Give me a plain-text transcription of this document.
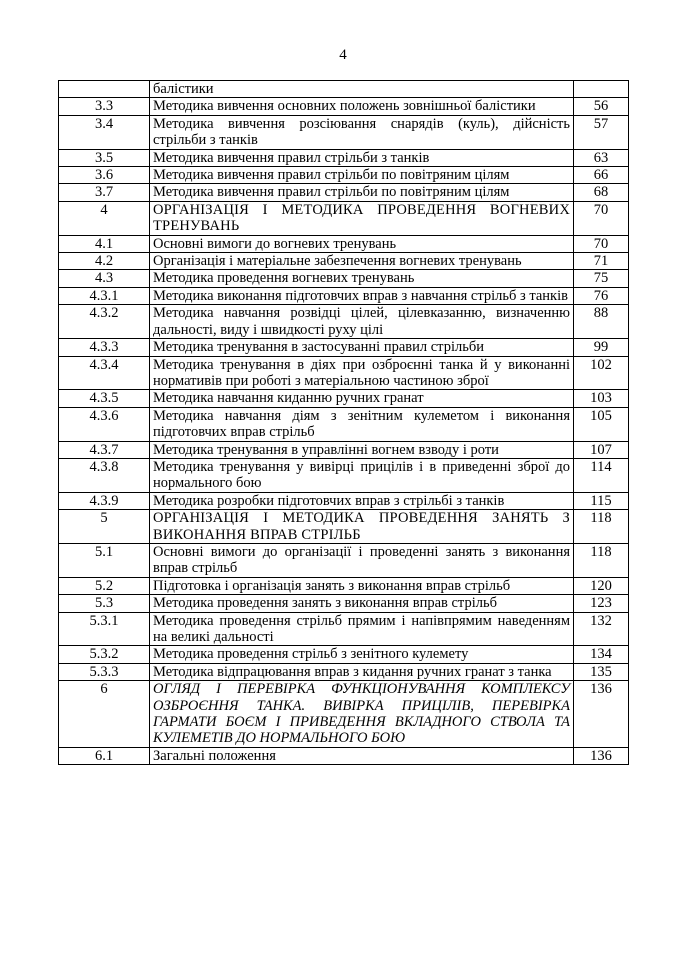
4
	балістики	
3.3	Методика вивчення основних положень зовнішньої балістики	56
3.4	Методика вивчення розсіювання снарядів (куль), дійсність стрільби з танків	57
3.5	Методика вивчення правил стрільби з танків	63
3.6	Методика вивчення правил стрільби по повітряним цілям	66
3.7	Методика вивчення правил стрільби по повітряним цілям	68
4	ОРГАНІЗАЦІЯ І МЕТОДИКА ПРОВЕДЕННЯ ВОГНЕВИХ ТРЕНУВАНЬ	70
4.1	Основні вимоги до вогневих тренувань	70
4.2	Організація і матеріальне забезпечення вогневих тренувань	71
4.3	Методика проведення вогневих тренувань	75
4.3.1	Методика виконання підготовчих вправ з навчання стрільб з танків	76
4.3.2	Методика навчання розвідці цілей, цілевказанню, визначенню дальності, виду і швидкості руху цілі	88
4.3.3	Методика тренування в застосуванні правил стрільби	99
4.3.4	Методика тренування в діях при озброєнні танка й у виконанні нормативів при роботі з матеріальною частиною зброї	102
4.3.5	Методика навчання киданню ручних гранат	103
4.3.6	Методика навчання діям з зенітним кулеметом і виконання підготовчих вправ стрільб	105
4.3.7	Методика тренування в управлінні вогнем взводу і роти	107
4.3.8	Методика тренування у вивірці прицілів і в приведенні зброї до нормального бою	114
4.3.9	Методика розробки підготовчих вправ з стрільбі з танків	115
5	ОРГАНІЗАЦІЯ І МЕТОДИКА ПРОВЕДЕННЯ ЗАНЯТЬ З ВИКОНАННЯ ВПРАВ СТРІЛЬБ	118
5.1	Основні вимоги до організації і проведенні занять з виконання вправ стрільб	118
5.2	Підготовка і організація занять з виконання вправ стрільб	120
5.3	Методика проведення занять з виконання вправ стрільб	123
5.3.1	Методика проведення стрільб прямим і напівпрямим наведенням на великі дальності	132
5.3.2	Методика проведення стрільб з зенітного кулемету	134
5.3.3	Методика відпрацювання вправ з кидання ручних гранат з танка	135
6	ОГЛЯД І ПЕРЕВІРКА ФУНКЦІОНУВАННЯ КОМПЛЕКСУ ОЗБРОЄННЯ ТАНКА. ВИВІРКА ПРИЦІЛІВ, ПЕРЕВІРКА ГАРМАТИ БОЄМ І ПРИВЕДЕННЯ ВКЛАДНОГО СТВОЛА ТА КУЛЕМЕТІВ ДО НОРМАЛЬНОГО БОЮ	136
6.1	Загальні положення	136
